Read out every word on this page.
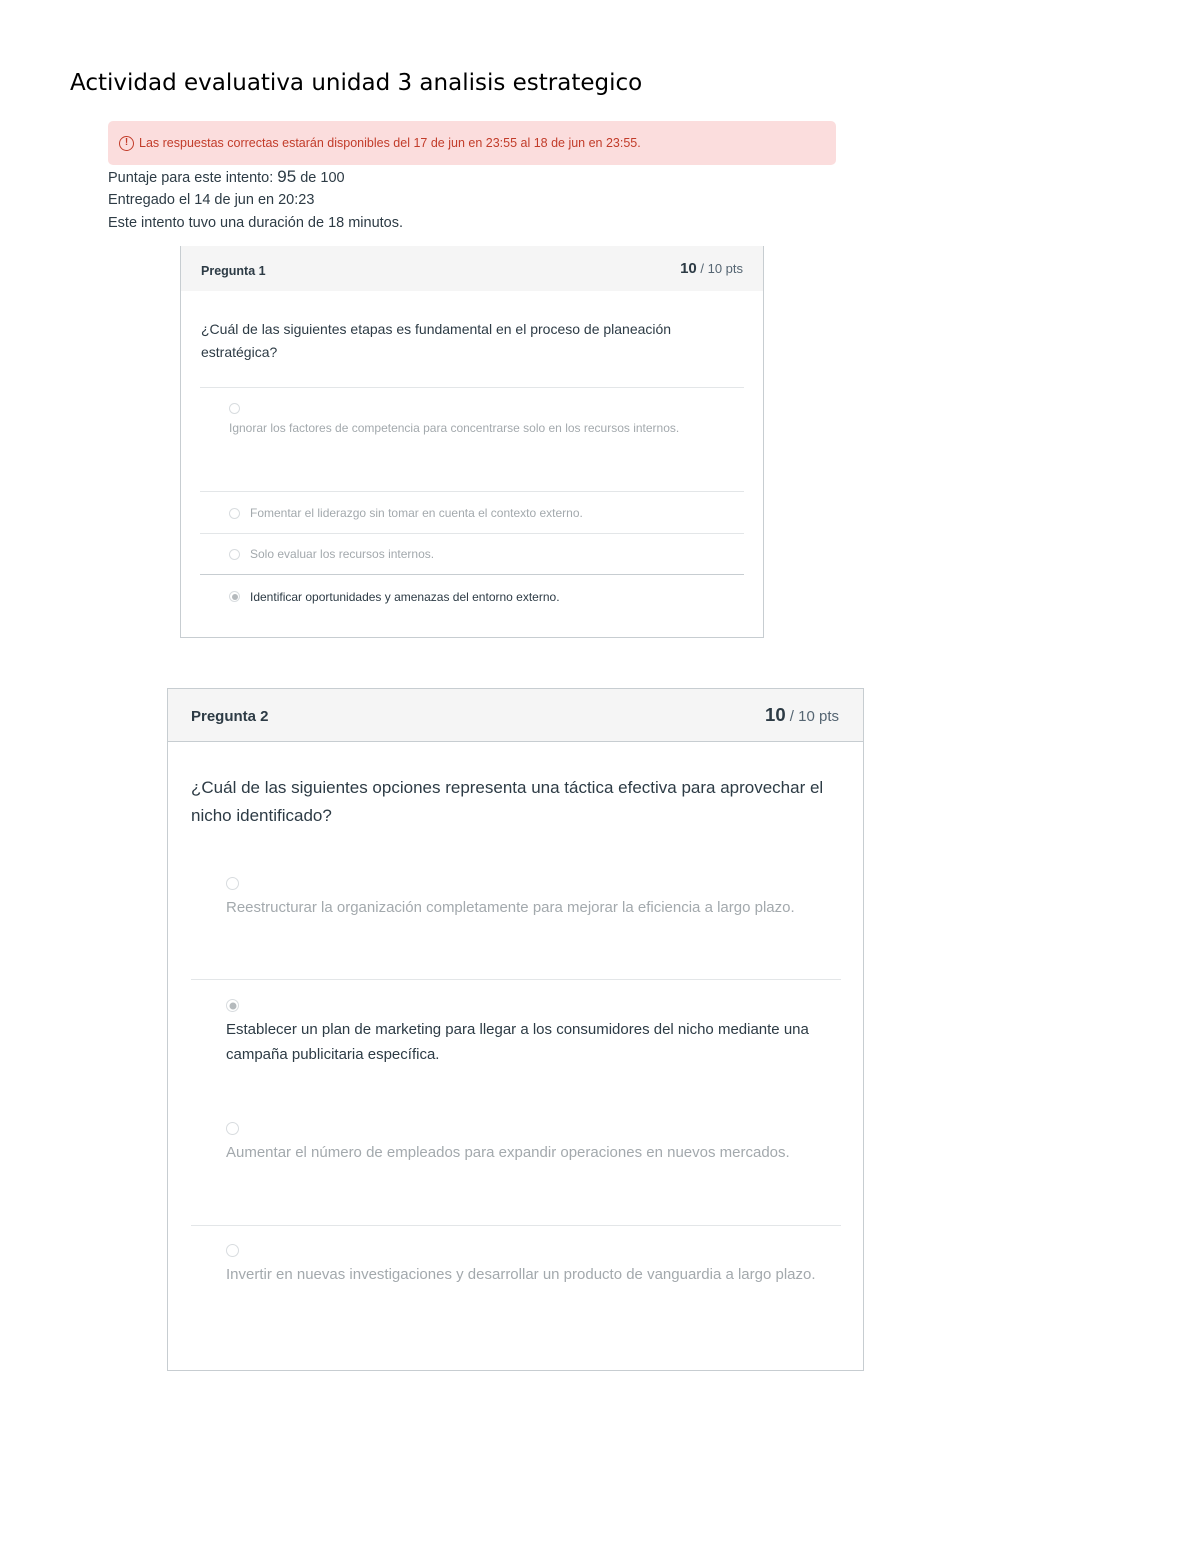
Actividad evaluativa unidad 3 analisis estrategico
! Las respuestas correctas estarán disponibles del 17 de jun en 23:55 al 18 de jun en 23:55.
Puntaje para este intento: 95 de 100
Entregado el 14 de jun en 20:23
Este intento tuvo una duración de 18 minutos.
Pregunta 1	10 / 10 pts
¿Cuál de las siguientes etapas es fundamental en el proceso de planeación estratégica?
Ignorar los factores de competencia para concentrarse solo en los recursos internos.
Fomentar el liderazgo sin tomar en cuenta el contexto externo.
Solo evaluar los recursos internos.
Identificar oportunidades y amenazas del entorno externo.
Pregunta 2	10 / 10 pts
¿Cuál de las siguientes opciones representa una táctica efectiva para aprovechar el nicho identificado?
Reestructurar la organización completamente para mejorar la eficiencia a largo plazo.
Establecer un plan de marketing para llegar a los consumidores del nicho mediante una campaña publicitaria específica.
Aumentar el número de empleados para expandir operaciones en nuevos mercados.
Invertir en nuevas investigaciones y desarrollar un producto de vanguardia a largo plazo.
